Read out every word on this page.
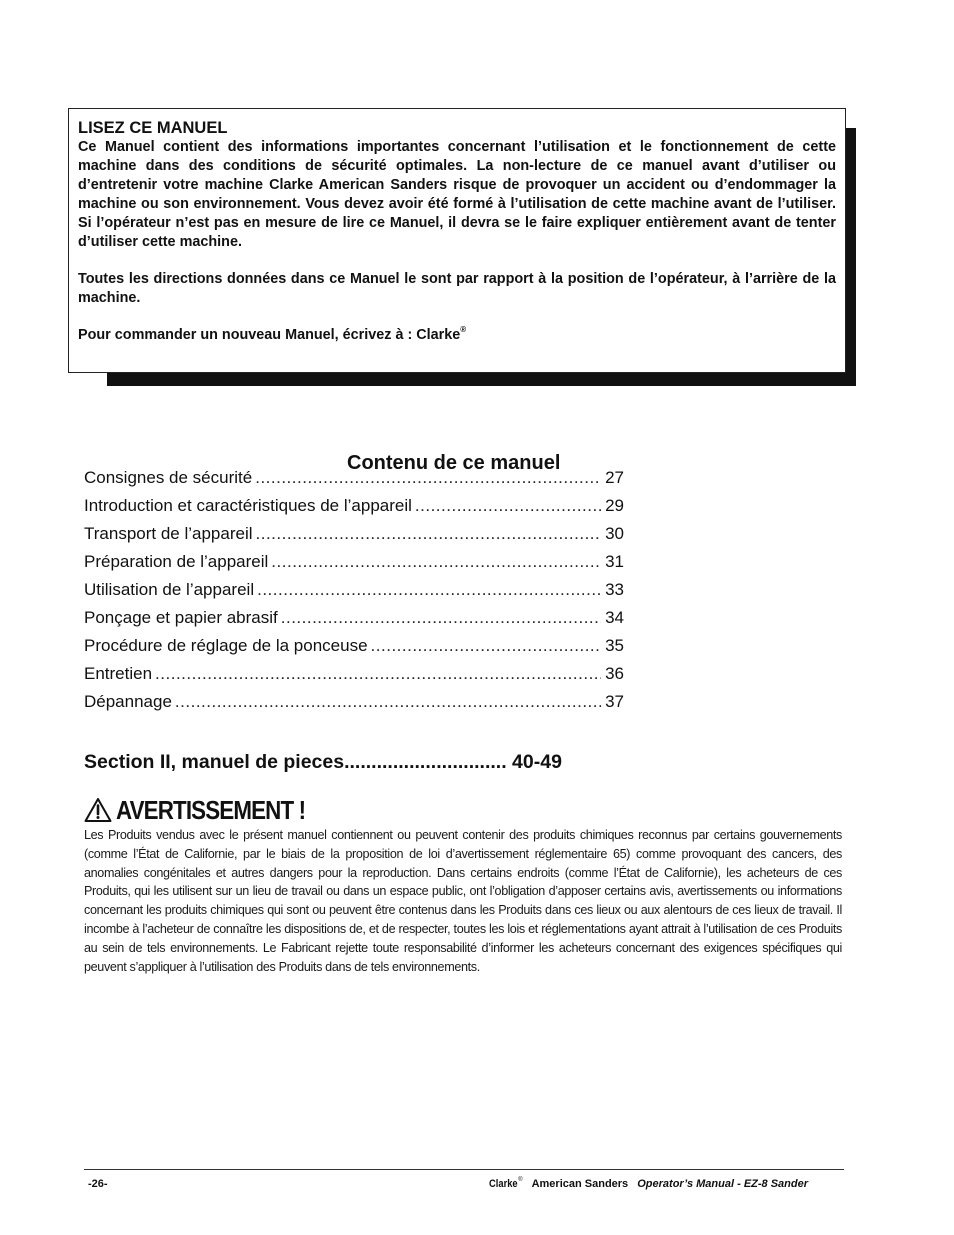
LISEZ CE MANUEL

Ce Manuel contient des informations importantes concernant l’utilisation et le fonctionnement de cette machine dans des conditions de sécurité optimales. La non-lecture de ce manuel avant d’utiliser ou d’entretenir votre machine Clarke American Sanders risque de provoquer un accident ou d’endommager la machine ou son environnement. Vous devez avoir été formé à l’utilisation de cette machine avant de l’utiliser. Si l’opérateur n’est pas en mesure de lire ce Manuel, il devra se le faire expliquer entièrement avant de tenter d’utiliser cette machine.

Toutes les directions données dans ce Manuel le sont par rapport à la position de l’opérateur, à l’arrière de la machine.

Pour commander un nouveau Manuel, écrivez à : Clarke®

Contenu de ce manuel
Consignes de sécurité .....	27
Introduction et caractéristiques de l’appareil .....	29
Transport de l’appareil .....	30
Préparation de l’appareil .....	31
Utilisation de l’appareil .....	33
Ponçage et papier abrasif .....	34
Procédure de réglage de la ponceuse .....	35
Entretien .....	36
Dépannage .....	37
Section II, manuel de pieces.............................. 40-49
AVERTISSEMENT !
Les Produits vendus avec le présent manuel contiennent ou peuvent contenir des produits chimiques reconnus par certains gouvernements (comme l’État de Californie, par le biais de la proposition de loi d’avertissement réglementaire 65) comme provoquant des cancers, des anomalies congénitales et autres dangers pour la reproduction. Dans certains endroits (comme l’État de Californie), les acheteurs de ces Produits, qui les utilisent sur un lieu de travail ou dans un espace public, ont l’obligation d’apposer certains avis, avertissements ou informations concernant les produits chimiques qui sont ou peuvent être contenus dans les Produits dans ces lieux ou aux alentours de ces lieux de travail. Il incombe à l’acheteur de connaître les dispositions de, et de respecter, toutes les lois et réglementations ayant attrait à l’utilisation de ces Produits au sein de tels environnements. Le Fabricant rejette toute responsabilité d’informer les acheteurs concernant des exigences spécifiques qui peuvent s’appliquer à l’utilisation des Produits dans de tels environnements.
-26-	Clarke® American Sanders Operator’s Manual - EZ-8 Sander
